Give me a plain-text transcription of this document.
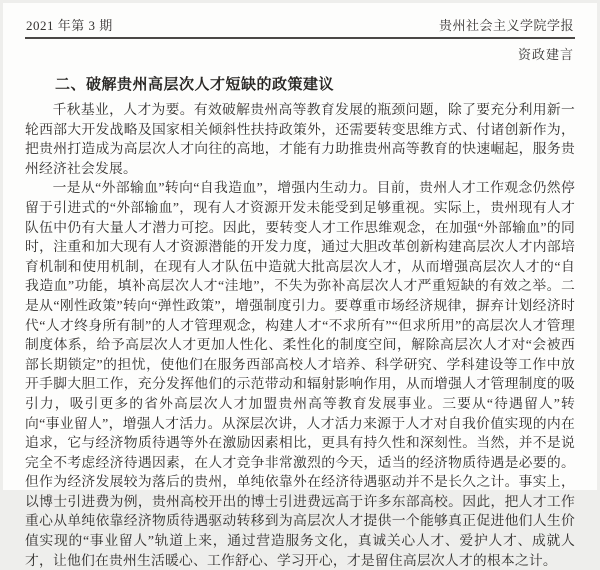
2021 年第 3 期	贵州社会主义学院学报
资政建言
二、破解贵州高层次人才短缺的政策建议

千秋基业，人才为要。有效破解贵州高等教育发展的瓶颈问题，除了要充分利用新一轮西部大开发战略及国家相关倾斜性扶持政策外，还需要转变思维方式、付诸创新作为，把贵州打造成为高层次人才向往的高地，才能有力助推贵州高等教育的快速崛起，服务贵州经济社会发展。

一是从“外部输血”转向“自我造血”，增强内生动力。目前，贵州人才工作观念仍然停留于引进式的“外部输血”，现有人才资源开发未能受到足够重视。实际上，贵州现有人才队伍中仍有大量人才潜力可挖。因此，要转变人才工作思维观念，在加强“外部输血”的同时，注重和加大现有人才资源潜能的开发力度，通过大胆改革创新构建高层次人才内部培育机制和使用机制，在现有人才队伍中造就大批高层次人才，从而增强高层次人才的“自我造血”功能，填补高层次人才“洼地”，不失为弥补高层次人才严重短缺的有效之举。二是从“刚性政策”转向“弹性政策”，增强制度引力。要尊重市场经济规律，摒弃计划经济时代“人才终身所有制”的人才管理观念，构建人才“不求所有”“但求所用”的高层次人才管理制度体系，给予高层次人才更加人性化、柔性化的制度空间，解除高层次人才对“会被西部长期锁定”的担忧，使他们在服务西部高校人才培养、科学研究、学科建设等工作中放开手脚大胆工作，充分发挥他们的示范带动和辐射影响作用，从而增强人才管理制度的吸引力，吸引更多的省外高层次人才加盟贵州高等教育发展事业。三要从“待遇留人”转向“事业留人”，增强人才活力。从深层次讲，人才活力来源于人才对自我价值实现的内在追求，它与经济物质待遇等外在激励因素相比，更具有持久性和深刻性。当然，并不是说完全不考虑经济待遇因素，在人才竞争非常激烈的今天，适当的经济物质待遇是必要的。但作为经济发展较为落后的贵州，单纯依靠外在经济待遇驱动并不是长久之计。事实上，以博士引进费为例，贵州高校开出的博士引进费远高于许多东部高校。因此，把人才工作重心从单纯依靠经济物质待遇驱动转移到为高层次人才提供一个能够真正促进他们人生价值实现的“事业留人”轨道上来，通过营造服务文化，真诚关心人才、爱护人才、成就人才，让他们在贵州生活暖心、工作舒心、学习开心，才是留住高层次人才的根本之计。
